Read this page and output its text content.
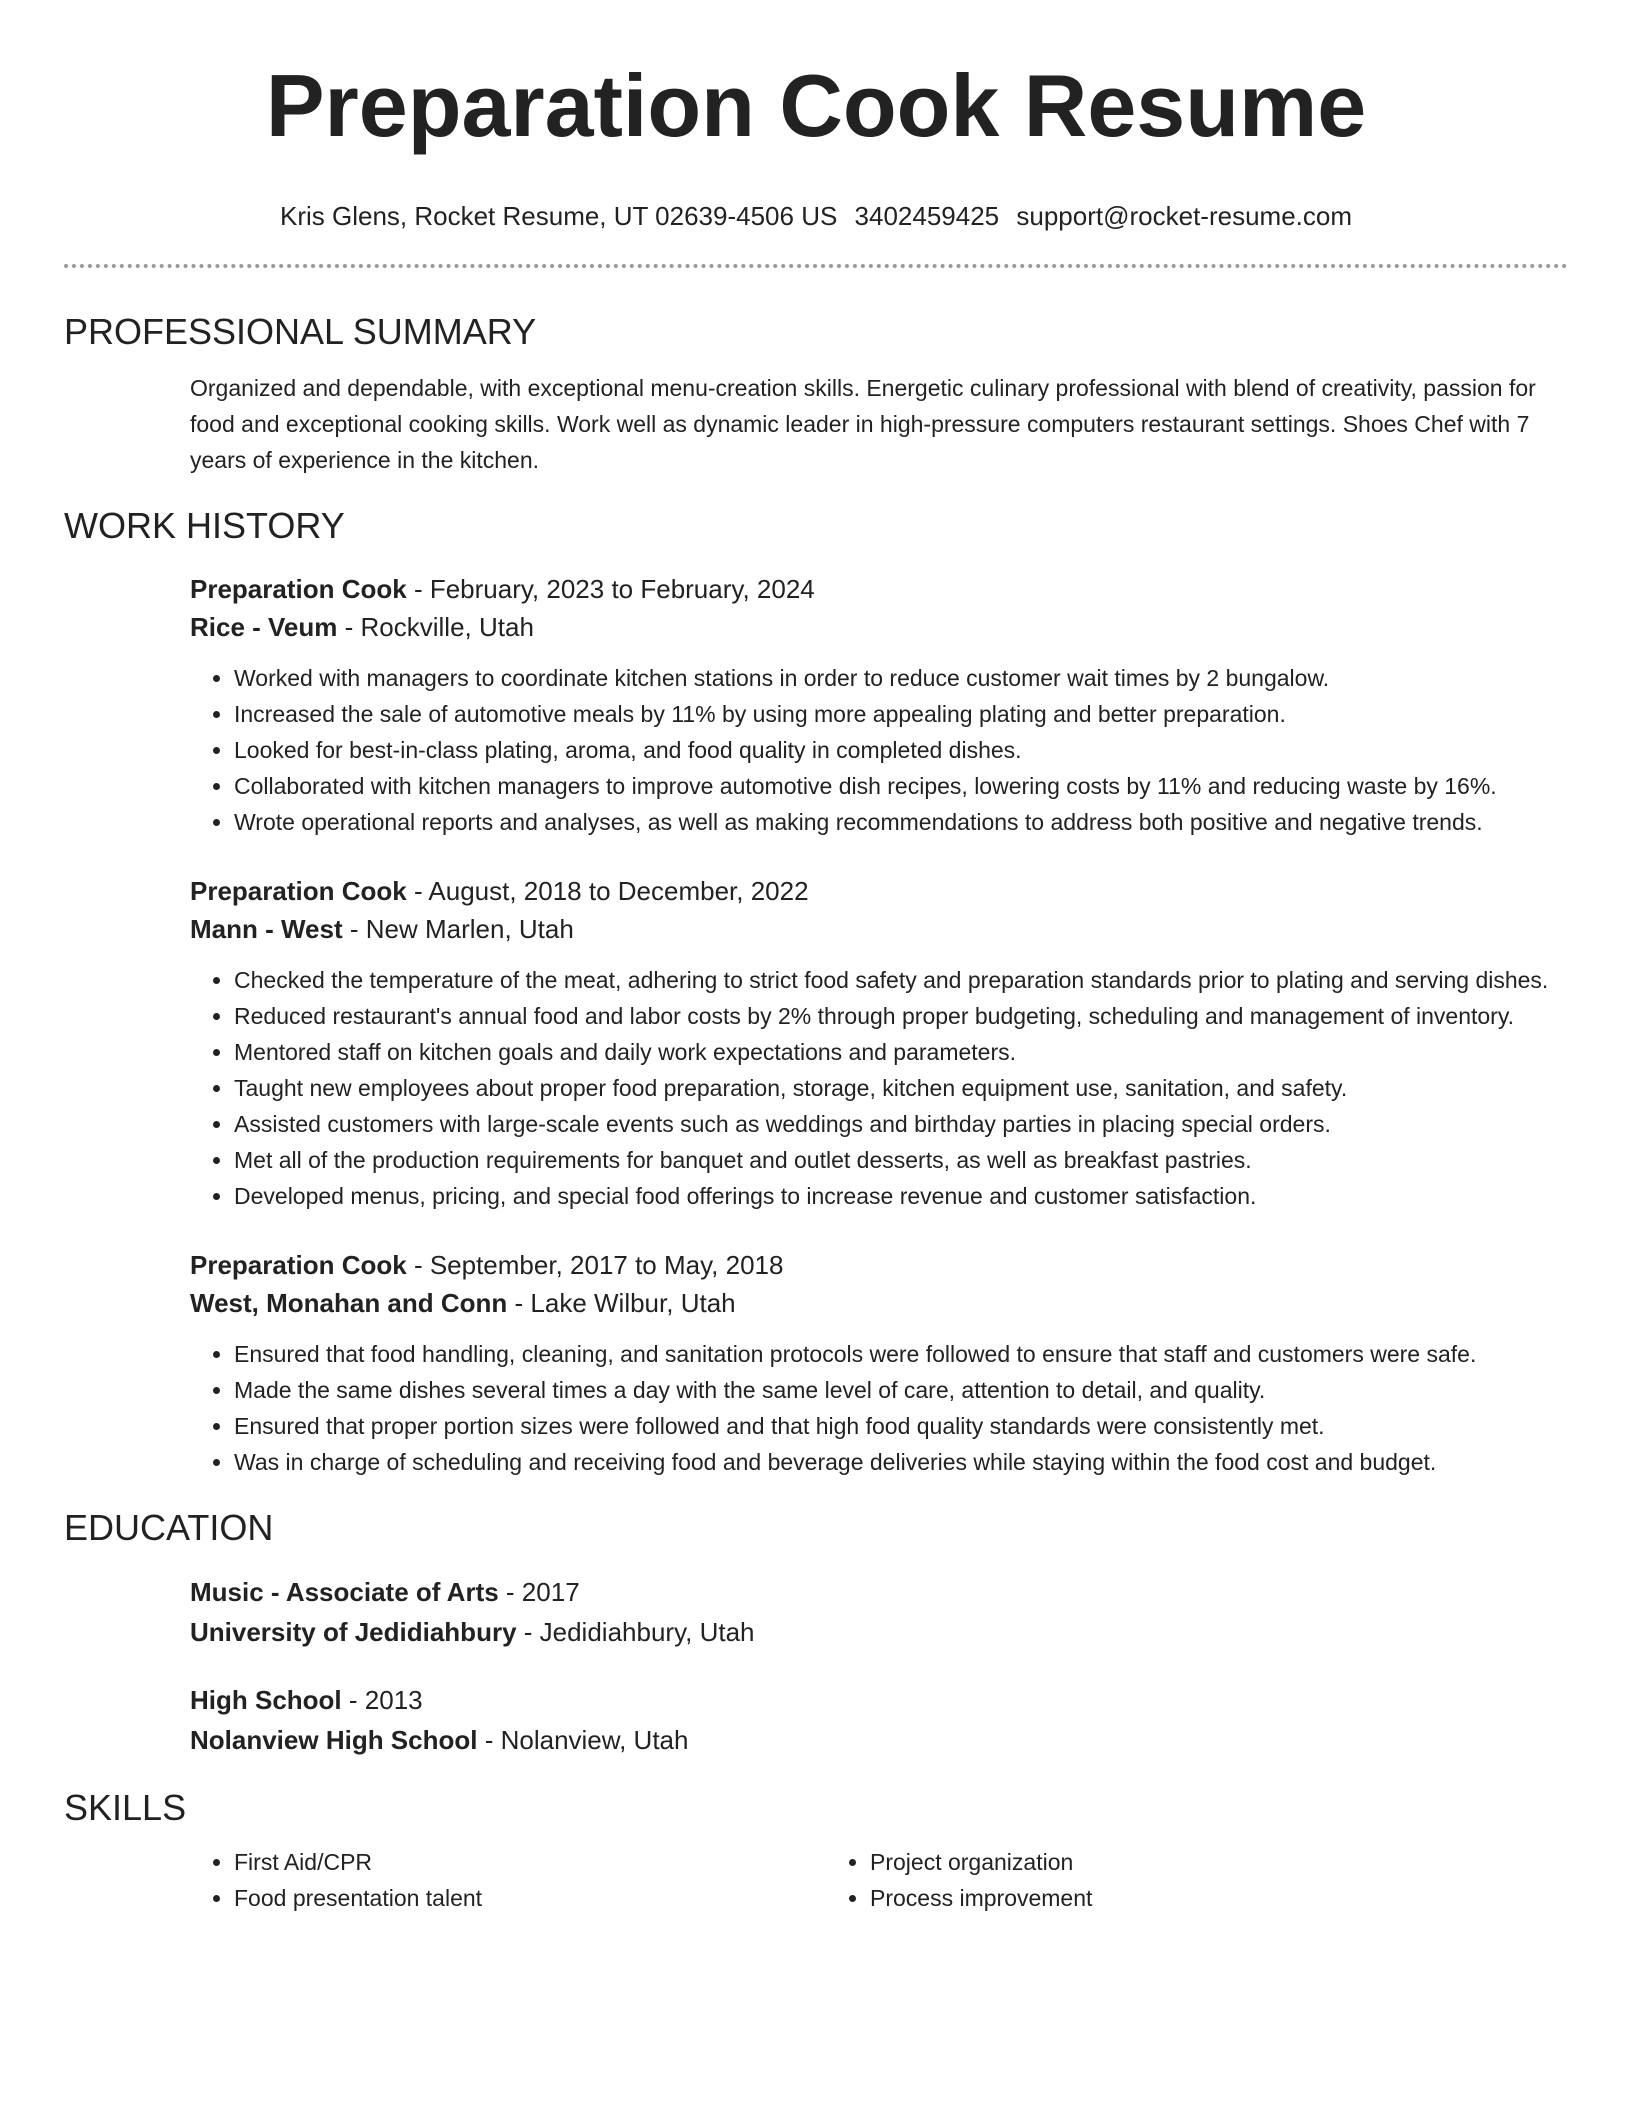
Preparation Cook Resume
Kris Glens, Rocket Resume, UT 02639-4506 US 3402459425 support@rocket-resume.com
PROFESSIONAL SUMMARY

Organized and dependable, with exceptional menu-creation skills. Energetic culinary professional with blend of creativity, passion for food and exceptional cooking skills. Work well as dynamic leader in high-pressure computers restaurant settings. Shoes Chef with 7 years of experience in the kitchen.

WORK HISTORY

Preparation Cook - February, 2023 to February, 2024

Rice - Veum - Rockville, Utah

• Worked with managers to coordinate kitchen stations in order to reduce customer wait times by 2 bungalow.
• Increased the sale of automotive meals by 11% by using more appealing plating and better preparation.
• Looked for best-in-class plating, aroma, and food quality in completed dishes.
• Collaborated with kitchen managers to improve automotive dish recipes, lowering costs by 11% and reducing waste by 16%.
• Wrote operational reports and analyses, as well as making recommendations to address both positive and negative trends.

Preparation Cook - August, 2018 to December, 2022

Mann - West - New Marlen, Utah

• Checked the temperature of the meat, adhering to strict food safety and preparation standards prior to plating and serving dishes.
• Reduced restaurant's annual food and labor costs by 2% through proper budgeting, scheduling and management of inventory.
• Mentored staff on kitchen goals and daily work expectations and parameters.
• Taught new employees about proper food preparation, storage, kitchen equipment use, sanitation, and safety.
• Assisted customers with large-scale events such as weddings and birthday parties in placing special orders.
• Met all of the production requirements for banquet and outlet desserts, as well as breakfast pastries.
• Developed menus, pricing, and special food offerings to increase revenue and customer satisfaction.

Preparation Cook - September, 2017 to May, 2018

West, Monahan and Conn - Lake Wilbur, Utah

• Ensured that food handling, cleaning, and sanitation protocols were followed to ensure that staff and customers were safe.
• Made the same dishes several times a day with the same level of care, attention to detail, and quality.
• Ensured that proper portion sizes were followed and that high food quality standards were consistently met.
• Was in charge of scheduling and receiving food and beverage deliveries while staying within the food cost and budget.
EDUCATION

Music - Associate of Arts - 2017

University of Jedidiahbury - Jedidiahbury, Utah

High School - 2013

Nolanview High School - Nolanview, Utah

SKILLS
• First Aid/CPR
• Food presentation talent
• Project organization
• Process improvement
